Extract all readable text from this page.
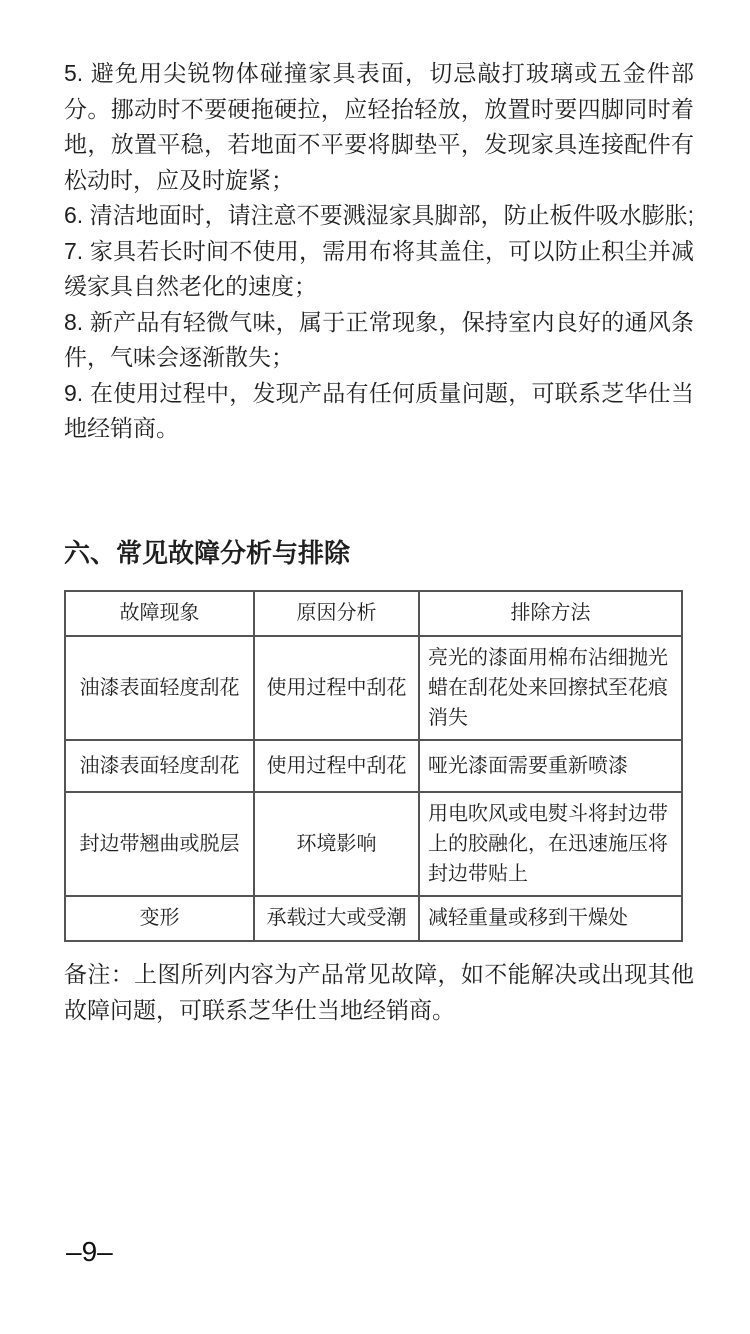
5. 避免用尖锐物体碰撞家具表面，切忌敲打玻璃或五金件部分。挪动时不要硬拖硬拉，应轻抬轻放，放置时要四脚同时着地，放置平稳，若地面不平要将脚垫平，发现家具连接配件有松动时，应及时旋紧；

6. 清洁地面时，请注意不要溅湿家具脚部，防止板件吸水膨胀;

7. 家具若长时间不使用，需用布将其盖住，可以防止积尘并减缓家具自然老化的速度；

8. 新产品有轻微气味，属于正常现象，保持室内良好的通风条件，气味会逐渐散失；

9. 在使用过程中，发现产品有任何质量问题，可联系芝华仕当地经销商。

六、常见故障分析与排除
故障现象	原因分析	排除方法
油漆表面轻度刮花	使用过程中刮花	亮光的漆面用棉布沾细抛光蜡在刮花处来回擦拭至花痕消失
油漆表面轻度刮花	使用过程中刮花	哑光漆面需要重新喷漆
封边带翘曲或脱层	环境影响	用电吹风或电熨斗将封边带上的胶融化，在迅速施压将封边带贴上
变形	承载过大或受潮	减轻重量或移到干燥处

备注：上图所列内容为产品常见故障，如不能解决或出现其他故障问题，可联系芝华仕当地经销商。

–9–
